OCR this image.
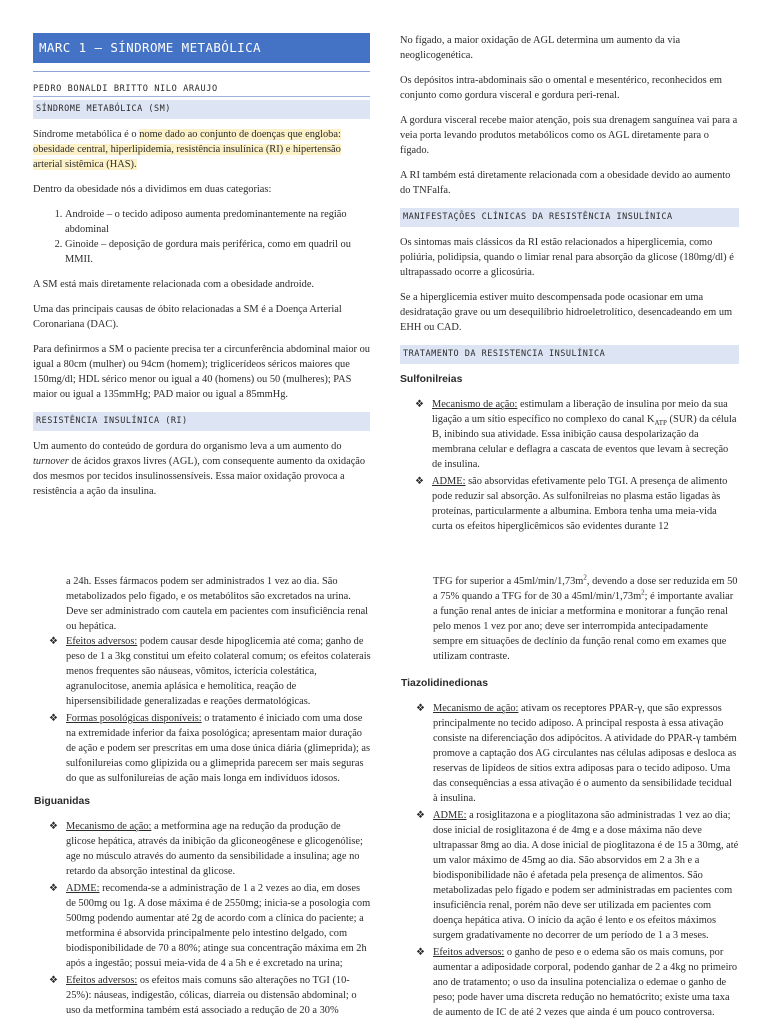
MARC 1 – SÍNDROME METABÓLICA
PEDRO BONALDI BRITTO NILO ARAUJO
SÍNDROME METABÓLICA (SM)

Síndrome metabólica é o nome dado ao conjunto de doenças que engloba: obesidade central, hiperlipidemia, resistência insulínica (RI) e hipertensão arterial sistêmica (HAS).

Dentro da obesidade nós a dividimos em duas categorias:

1. Androide – o tecido adiposo aumenta predominantemente na região abdominal
2. Ginoide – deposição de gordura mais periférica, como em quadril ou MMII.

A SM está mais diretamente relacionada com a obesidade androide.

Uma das principais causas de óbito relacionadas a SM é a Doença Arterial Coronariana (DAC).

Para definirmos a SM o paciente precisa ter a circunferência abdominal maior ou igual a 80cm (mulher) ou 94cm (homem); triglicerídeos séricos maiores que 150mg/dl; HDL sérico menor ou igual a 40 (homens) ou 50 (mulheres); PAS maior ou igual a 135mmHg; PAD maior ou igual a 85mmHg.

RESISTÊNCIA INSULÍNICA (RI)

Um aumento do conteúdo de gordura do organismo leva a um aumento do turnover de ácidos graxos livres (AGL), com consequente aumento da oxidação dos mesmos por tecidos insulinossensíveis. Essa maior oxidação provoca a resistência a ação da insulina.

No fígado, a maior oxidação de AGL determina um aumento da via neoglicogenética.

Os depósitos intra-abdominais são o omental e mesentérico, reconhecidos em conjunto como gordura visceral e gordura peri-renal.

A gordura visceral recebe maior atenção, pois sua drenagem sanguínea vai para a veia porta levando produtos metabólicos como os AGL diretamente para o fígado.

A RI também está diretamente relacionada com a obesidade devido ao aumento do TNFalfa.

MANIFESTAÇÕES CLÍNICAS DA RESISTÊNCIA INSULÍNICA

Os sintomas mais clássicos da RI estão relacionados a hiperglicemia, como poliúria, polidipsia, quando o limiar renal para absorção da glicose (180mg/dl) é ultrapassado ocorre a glicosúria.

Se a hiperglicemia estiver muito descompensada pode ocasionar em uma desidratação grave ou um desequilíbrio hidroeletrolítico, desencadeando em um EHH ou CAD.

TRATAMENTO DA RESISTENCIA INSULÍNICA
Sulfonilreias
❖ Mecanismo de ação: estimulam a liberação de insulina por meio da sua ligação a um sítio específico no complexo do canal $K_{ATP}$ (SUR) da célula B, inibindo sua atividade. Essa inibição causa despolarização da membrana celular e deflagra a cascata de eventos que levam à secreção de insulina.
❖ ADME: são absorvidas efetivamente pelo TGI. A presença de alimento pode reduzir sal absorção. As sulfonilreias no plasma estão ligadas às proteínas, particularmente a albumina. Embora tenha uma meia-vida curta os efeitos hiperglicêmicos são evidentes durante 12
a 24h. Esses fármacos podem ser administrados 1 vez ao dia. São metabolizados pelo fígado, e os metabólitos são excretados na urina. Deve ser administrado com cautela em pacientes com insuficiência renal ou hepática.
❖ Efeitos adversos: podem causar desde hipoglicemia até coma; ganho de peso de 1 a 3kg constitui um efeito colateral comum; os efeitos colaterais menos frequentes são náuseas, vômitos, icterícia colestática, agranulocitose, anemia aplásica e hemolítica, reação de hipersensibilidade generalizadas e reações dermatológicas.
❖ Formas posológicas disponíveis: o tratamento é iniciado com uma dose na extremidade inferior da faixa posológica; apresentam maior duração de ação e podem ser prescritas em uma dose única diária (glimeprida); as sulfonilureias como glipizida ou a glimeprida parecem ser mais seguras do que as sulfonilureias de ação mais longa em indivíduos idosos.
Biguanidas
❖ Mecanismo de ação: a metformina age na redução da produção de glicose hepática, através da inibição da gliconeogênese e glicogenólise; age no músculo através do aumento da sensibilidade a insulina; age no retardo da absorção intestinal da glicose.
❖ ADME: recomenda-se a administração de 1 a 2 vezes ao dia, em doses de 500mg ou 1g. A dose máxima é de 2550mg; inicia-se a posologia com 500mg podendo aumentar até 2g de acordo com a clínica do paciente; a metformina é absorvida principalmente pelo intestino delgado, com biodisponibilidade de 70 a 80%; atinge sua concentração máxima em 2h após a ingestão; possui meia-vida de 4 a 5h e é excretado na urina;
❖ Efeitos adversos: os efeitos mais comuns são alterações no TGI (10-25%): náuseas, indigestão, cólicas, diarreia ou distensão abdominal; o uso da metformina também está associado a redução de 20 a 30%
TFG for superior a $45ml/\min/1,73m^2$, devendo a dose ser reduzida em 50 a 75% quando a TFG for de 30 a $45ml/\min/1,73m^2$; é importante avaliar a função renal antes de iniciar a metformina e monitorar a função renal pelo menos 1 vez por ano; deve ser interrompida antecipadamente sempre em situações de declínio da função renal como em exames que utilizam contraste.
Tiazolidinedionas
❖ Mecanismo de ação: ativam os receptores PPAR-γ, que são expressos principalmente no tecido adiposo. A principal resposta à essa ativação consiste na diferenciação dos adipócitos. A atividade do PPAR-γ também promove a captação dos AG circulantes nas células adiposas e desloca as reservas de lipídeos de sítios extra adiposas para o tecido adiposo. Uma das consequências a essa ativação é o aumento da sensibilidade tecidual à insulina.
❖ ADME: a rosiglitazona e a pioglitazona são administradas 1 vez ao dia; dose inicial de rosiglitazona é de 4mg e a dose máxima não deve ultrapassar 8mg ao dia. A dose inicial de pioglitazona é de 15 a 30mg, até um valor máximo de 45mg ao dia. São absorvidos em 2 a 3h e a biodisponibilidade não é afetada pela presença de alimentos. São metabolizadas pelo fígado e podem ser administradas em pacientes com insuficiência renal, porém não deve ser utilizada em pacientes com doença hepática ativa. O início da ação é lento e os efeitos máximos surgem gradativamente no decorrer de um período de 1 a 3 meses.
❖ Efeitos adversos: o ganho de peso e o edema são os mais comuns, por aumentar a adiposidade corporal, podendo ganhar de 2 a 4kg no primeiro ano de tratamento; o uso da insulina potencializa o edemae o ganho de peso; pode haver uma discreta redução no hematócrito; existe uma taxa de aumento de IC de até 2 vezes que ainda é um pouco controversa.
